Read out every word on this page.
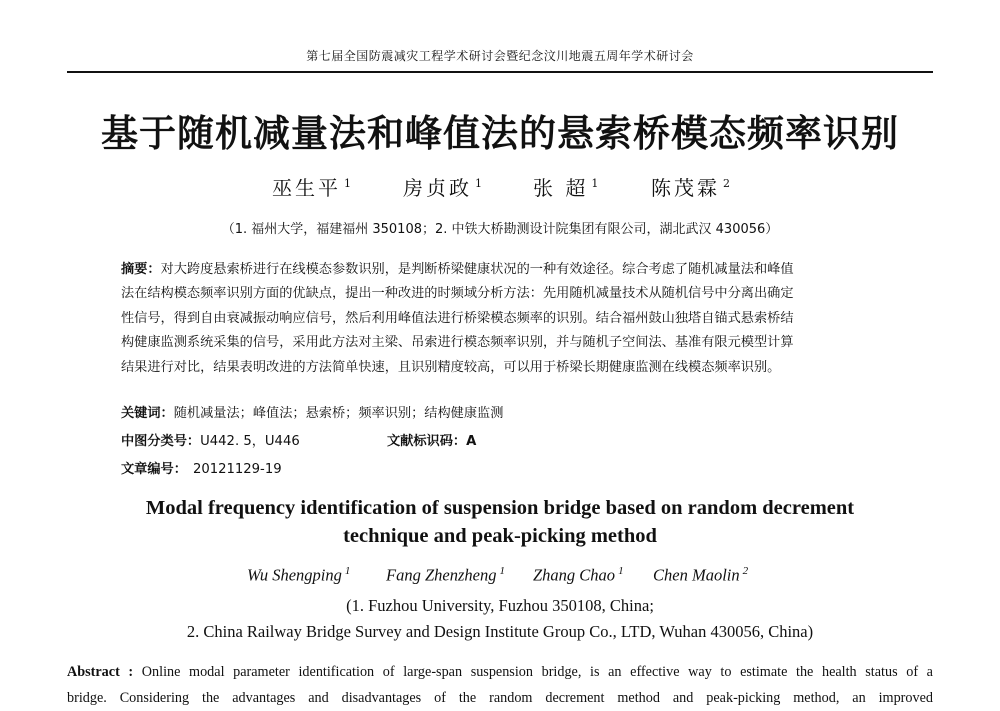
第七届全国防震减灾工程学术研讨会暨纪念汶川地震五周年学术研讨会
基于随机减量法和峰值法的悬索桥模态频率识别
巫生平 $^1$	房贞政 $^1$	张 超 $^1$	陈茂霖 $^2$
（1. 福州大学，福建福州 350108；2. 中铁大桥勘测设计院集团有限公司，湖北武汉 430056）
摘要：对大跨度悬索桥进行在线模态参数识别，是判断桥梁健康状况的一种有效途径。综合考虑了随机减量法和峰值
法在结构模态频率识别方面的优缺点，提出一种改进的时频域分析方法：先用随机减量技术从随机信号中分离出确定
性信号，得到自由衰减振动响应信号，然后利用峰值法进行桥梁模态频率的识别。结合福州鼓山独塔自锚式悬索桥结
构健康监测系统采集的信号，采用此方法对主梁、吊索进行模态频率识别，并与随机子空间法、基准有限元模型计算
结果进行对比，结果表明改进的方法简单快速，且识别精度较高，可以用于桥梁长期健康监测在线模态频率识别。
关键词：随机减量法；峰值法；悬索桥；频率识别；结构健康监测
中图分类号：U442. 5，U446	文献标识码：A
文章编号： 20121129-19
Modal frequency identification of suspension bridge based on random decrement
technique and peak-picking method
Wu Shengping $^1$ Fang Zhenzheng $^1$ Zhang Chao $^1$ Chen Maolin $^2$
(1. Fuzhou University, Fuzhou 350108, China;
2. China Railway Bridge Survey and Design Institute Group Co., LTD, Wuhan 430056, China)
Abstract : Online modal parameter identification of large-span suspension bridge, is an effective way to estimate the health status of a
bridge. Considering the advantages and disadvantages of the random decrement method and peak-picking method, an improved
